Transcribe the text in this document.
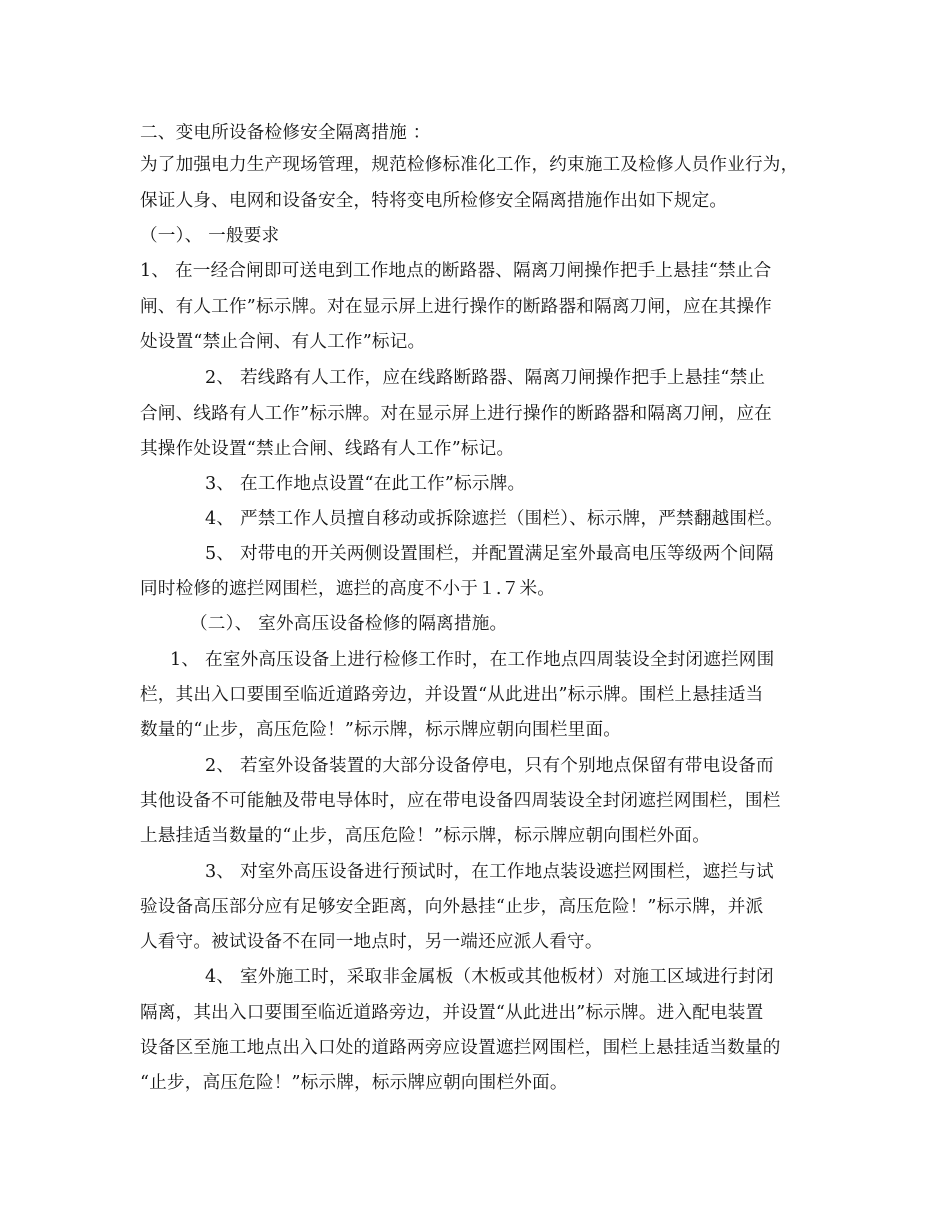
二、变电所设备检修安全隔离措施 ：
为了加强电力生产现场管理，规范检修标准化工作，约束施工及检修人员作业行为，
保证人身、电网和设备安全，特将变电所检修安全隔离措施作出如下规定。
（一）、 一般要求
1、 在一经合闸即可送电到工作地点的断路器、隔离刀闸操作把手上悬挂“禁止合
闸、有人工作”标示牌。对在显示屏上进行操作的断路器和隔离刀闸，应在其操作
处设置“禁止合闸、有人工作”标记。
2、 若线路有人工作，应在线路断路器、隔离刀闸操作把手上悬挂“禁止
合闸、线路有人工作”标示牌。对在显示屏上进行操作的断路器和隔离刀闸，应在
其操作处设置“禁止合闸、线路有人工作”标记。
3、 在工作地点设置“在此工作”标示牌。
4、 严禁工作人员擅自移动或拆除遮拦（围栏）、标示牌，严禁翻越围栏。
5、 对带电的开关两侧设置围栏，并配置满足室外最高电压等级两个间隔
同时检修的遮拦网围栏，遮拦的高度不小于１.７米。
（二）、 室外高压设备检修的隔离措施。
1、 在室外高压设备上进行检修工作时，在工作地点四周装设全封闭遮拦网围
栏，其出入口要围至临近道路旁边，并设置“从此进出”标示牌。围栏上悬挂适当
数量的“止步，高压危险！”标示牌，标示牌应朝向围栏里面。
2、 若室外设备装置的大部分设备停电，只有个别地点保留有带电设备而
其他设备不可能触及带电导体时，应在带电设备四周装设全封闭遮拦网围栏，围栏
上悬挂适当数量的“止步，高压危险！”标示牌，标示牌应朝向围栏外面。
3、 对室外高压设备进行预试时，在工作地点装设遮拦网围栏，遮拦与试
验设备高压部分应有足够安全距离，向外悬挂“止步，高压危险！”标示牌，并派
人看守。被试设备不在同一地点时，另一端还应派人看守。
4、 室外施工时，采取非金属板（木板或其他板材）对施工区域进行封闭
隔离，其出入口要围至临近道路旁边，并设置“从此进出”标示牌。进入配电装置
设备区至施工地点出入口处的道路两旁应设置遮拦网围栏，围栏上悬挂适当数量的
“止步，高压危险！”标示牌，标示牌应朝向围栏外面。
